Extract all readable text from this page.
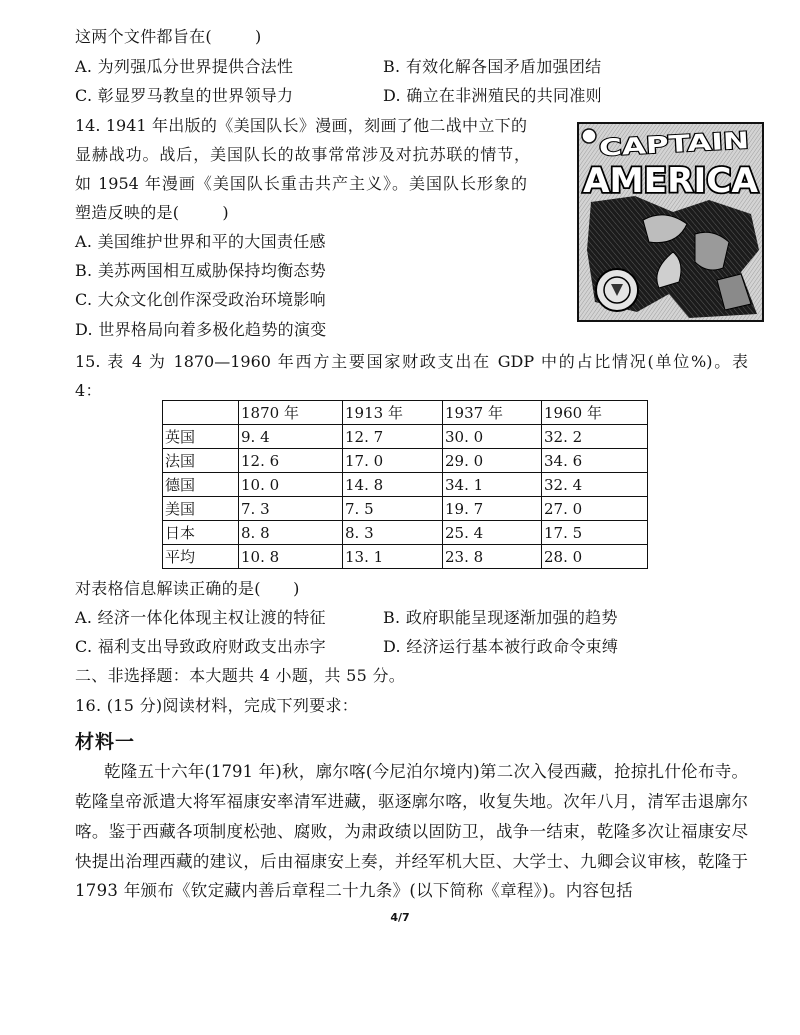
这两个文件都旨在(        )
A. 为列强瓜分世界提供合法性	B. 有效化解各国矛盾加强团结
C. 彰显罗马教皇的世界领导力	D. 确立在非洲殖民的共同准则
14. 1941 年出版的《美国队长》漫画，刻画了他二战中立下的
显赫战功。战后，美国队长的故事常常涉及对抗苏联的情节，
如 1954 年漫画《美国队长重击共产主义》。美国队长形象的
塑造反映的是(        )
A. 美国维护世界和平的大国责任感
B. 美苏两国相互威胁保持均衡态势
C. 大众文化创作深受政治环境影响
D. 世界格局向着多极化趋势的演变
CAPTAIN
AMERICA
15. 表 4 为 1870—1960 年西方主要国家财政支出在 GDP 中的占比情况(单位%)。表
4：
	1870 年	1913 年	1937 年	1960 年
英国	9. 4	12. 7	30. 0	32. 2
法国	12. 6	17. 0	29. 0	34. 6
德国	10. 0	14. 8	34. 1	32. 4
美国	7. 3	7. 5	19. 7	27. 0
日本	8. 8	8. 3	25. 4	17. 5
平均	10. 8	13. 1	23. 8	28. 0
对表格信息解读正确的是(      )
A. 经济一体化体现主权让渡的特征	B. 政府职能呈现逐渐加强的趋势
C. 福利支出导致政府财政支出赤字	D. 经济运行基本被行政命令束缚
二、非选择题：本大题共 4 小题，共 55 分。
16. (15 分)阅读材料，完成下列要求：
材料一
乾隆五十六年(1791 年)秋，廓尔喀(今尼泊尔境内)第二次入侵西藏，抢掠扎什伦布寺。
乾隆皇帝派遣大将军福康安率清军进藏，驱逐廓尔喀，收复失地。次年八月，清军击退廓尔
喀。鉴于西藏各项制度松弛、腐败，为肃政绩以固防卫，战争一结束，乾隆多次让福康安尽
快提出治理西藏的建议，后由福康安上奏，并经军机大臣、大学士、九卿会议审核，乾隆于
1793 年颁布《钦定藏内善后章程二十九条》(以下简称《章程》)。内容包括
4/7
